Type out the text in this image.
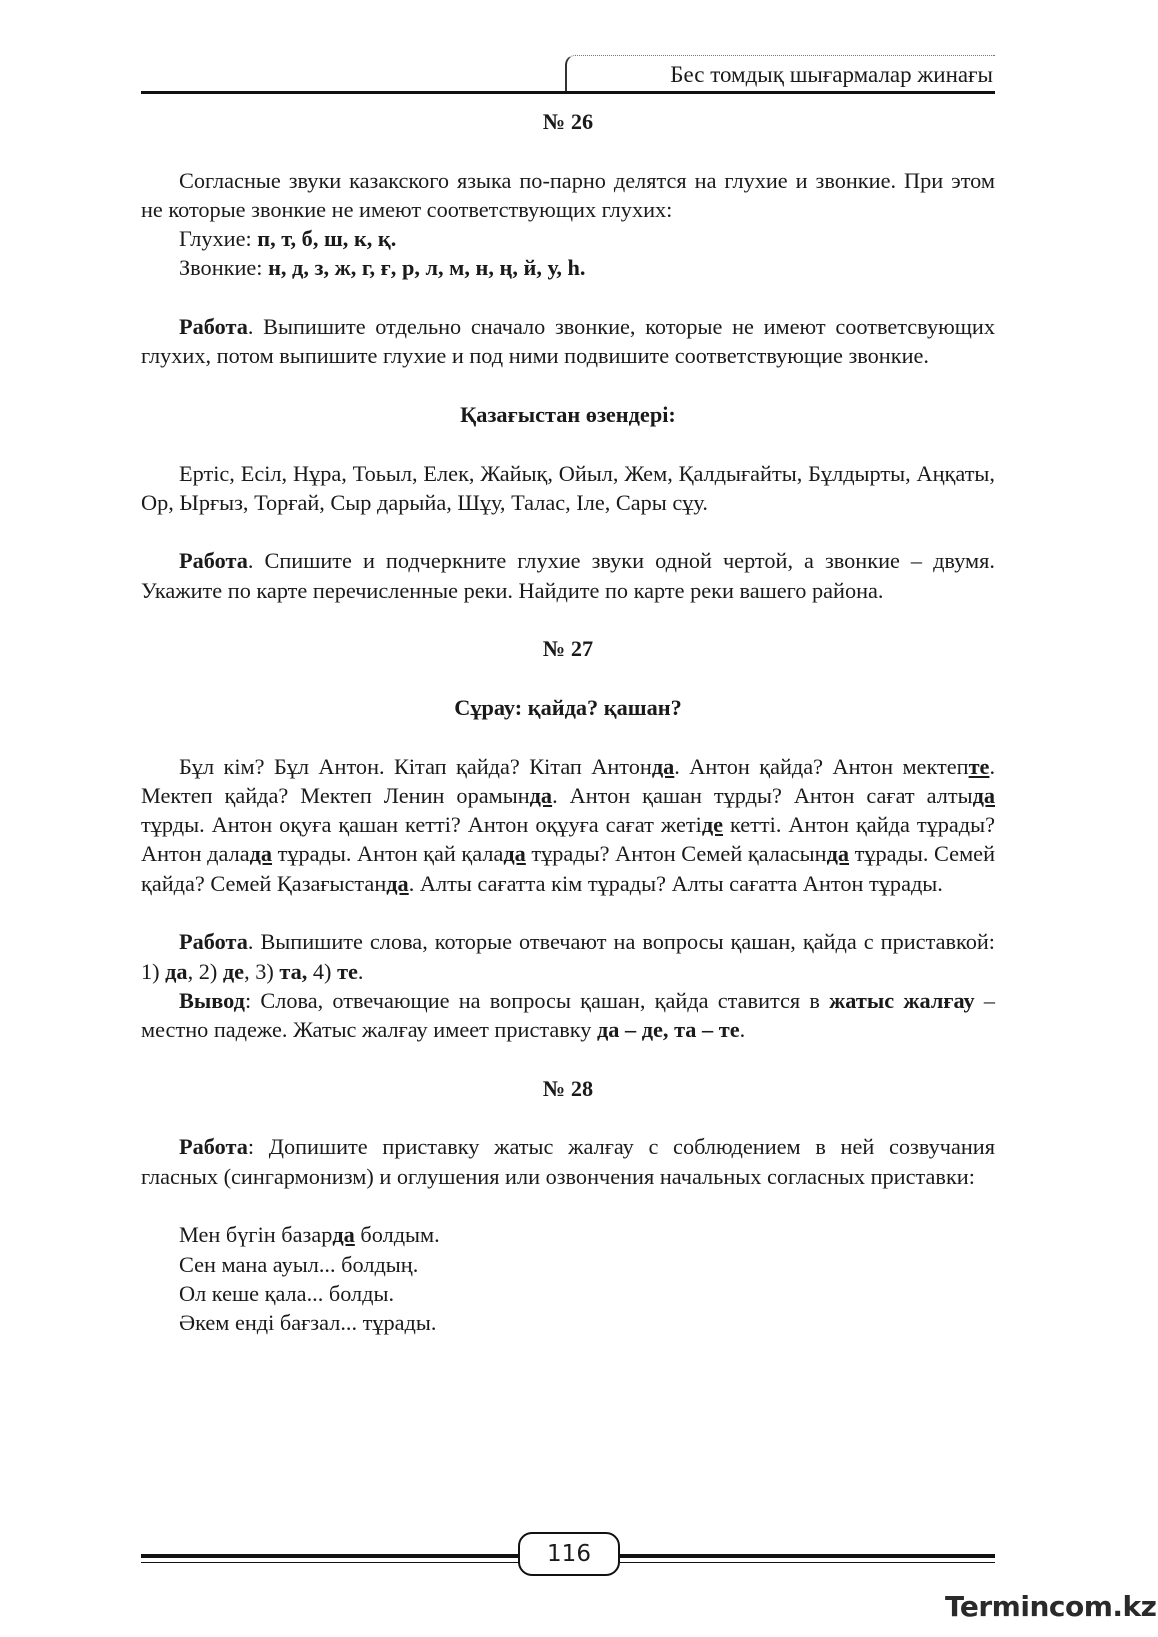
Бес томдық шығармалар жинағы

№ 26

Согласные звуки казакского языка по-парно делятся на глухие и звонкие. При этом не которые звонкие не имеют соответствующих глухих:

Глухие: п, т, б, ш, к, қ.

Звонкие: н, д, з, ж, г, ғ, р, л, м, н, ң, й, у, һ.

Работа. Выпишите отдельно сначало звонкие, которые не имеют соответсвующих глухих, потом выпишите глухие и под ними подвишите соответствующие звонкие.

Қазағыстан өзендері:

Ертіс, Есіл, Нұра, Тоьыл, Елек, Жайық, Ойыл, Жем, Қалдығайты, Бұлдырты, Аңқаты, Ор, Ырғыз, Торғай, Сыр дарыйа, Шұу, Талас, Іле, Сары сұу.

Работа. Спишите и подчеркните глухие звуки одной чертой, а звонкие – двумя. Укажите по карте перечисленные реки. Найдите по карте реки вашего района.

№ 27

Сұрау: қайда? қашан?

Бұл кім? Бұл Антон. Кітап қайда? Кітап Антонда. Антон қайда? Антон мектепте. Мектеп қайда? Мектеп Ленин орамында. Антон қашан тұрды? Антон сағат алтыда тұрды. Антон оқуға қашан кетті? Антон оқұуға сағат жетіде кетті. Антон қайда тұрады? Антон далада тұрады. Антон қай қалада тұрады? Антон Семей қаласында тұрады. Семей қайда? Семей Қазағыстанда. Алты сағатта кім тұрады? Алты сағатта Антон тұрады.

Работа. Выпишите слова, которые отвечают на вопросы қашан, қайда с приставкой: 1) да, 2) де, 3) та, 4) те.

Вывод: Слова, отвечающие на вопросы қашан, қайда ставится в жатыс жалғау – местно падеже. Жатыс жалғау имеет приставку да – де, та – те.

№ 28

Работа: Допишите приставку жатыс жалғау с соблюдением в ней созвучания гласных (сингармонизм) и оглушения или озвончения начальных согласных приставки:

Мен бүгін базарда болдым.

Сен мана ауыл... болдың.

Ол кеше қала... болды.

Әкем енді бағзал... тұрады.

116
Termincom.kz
